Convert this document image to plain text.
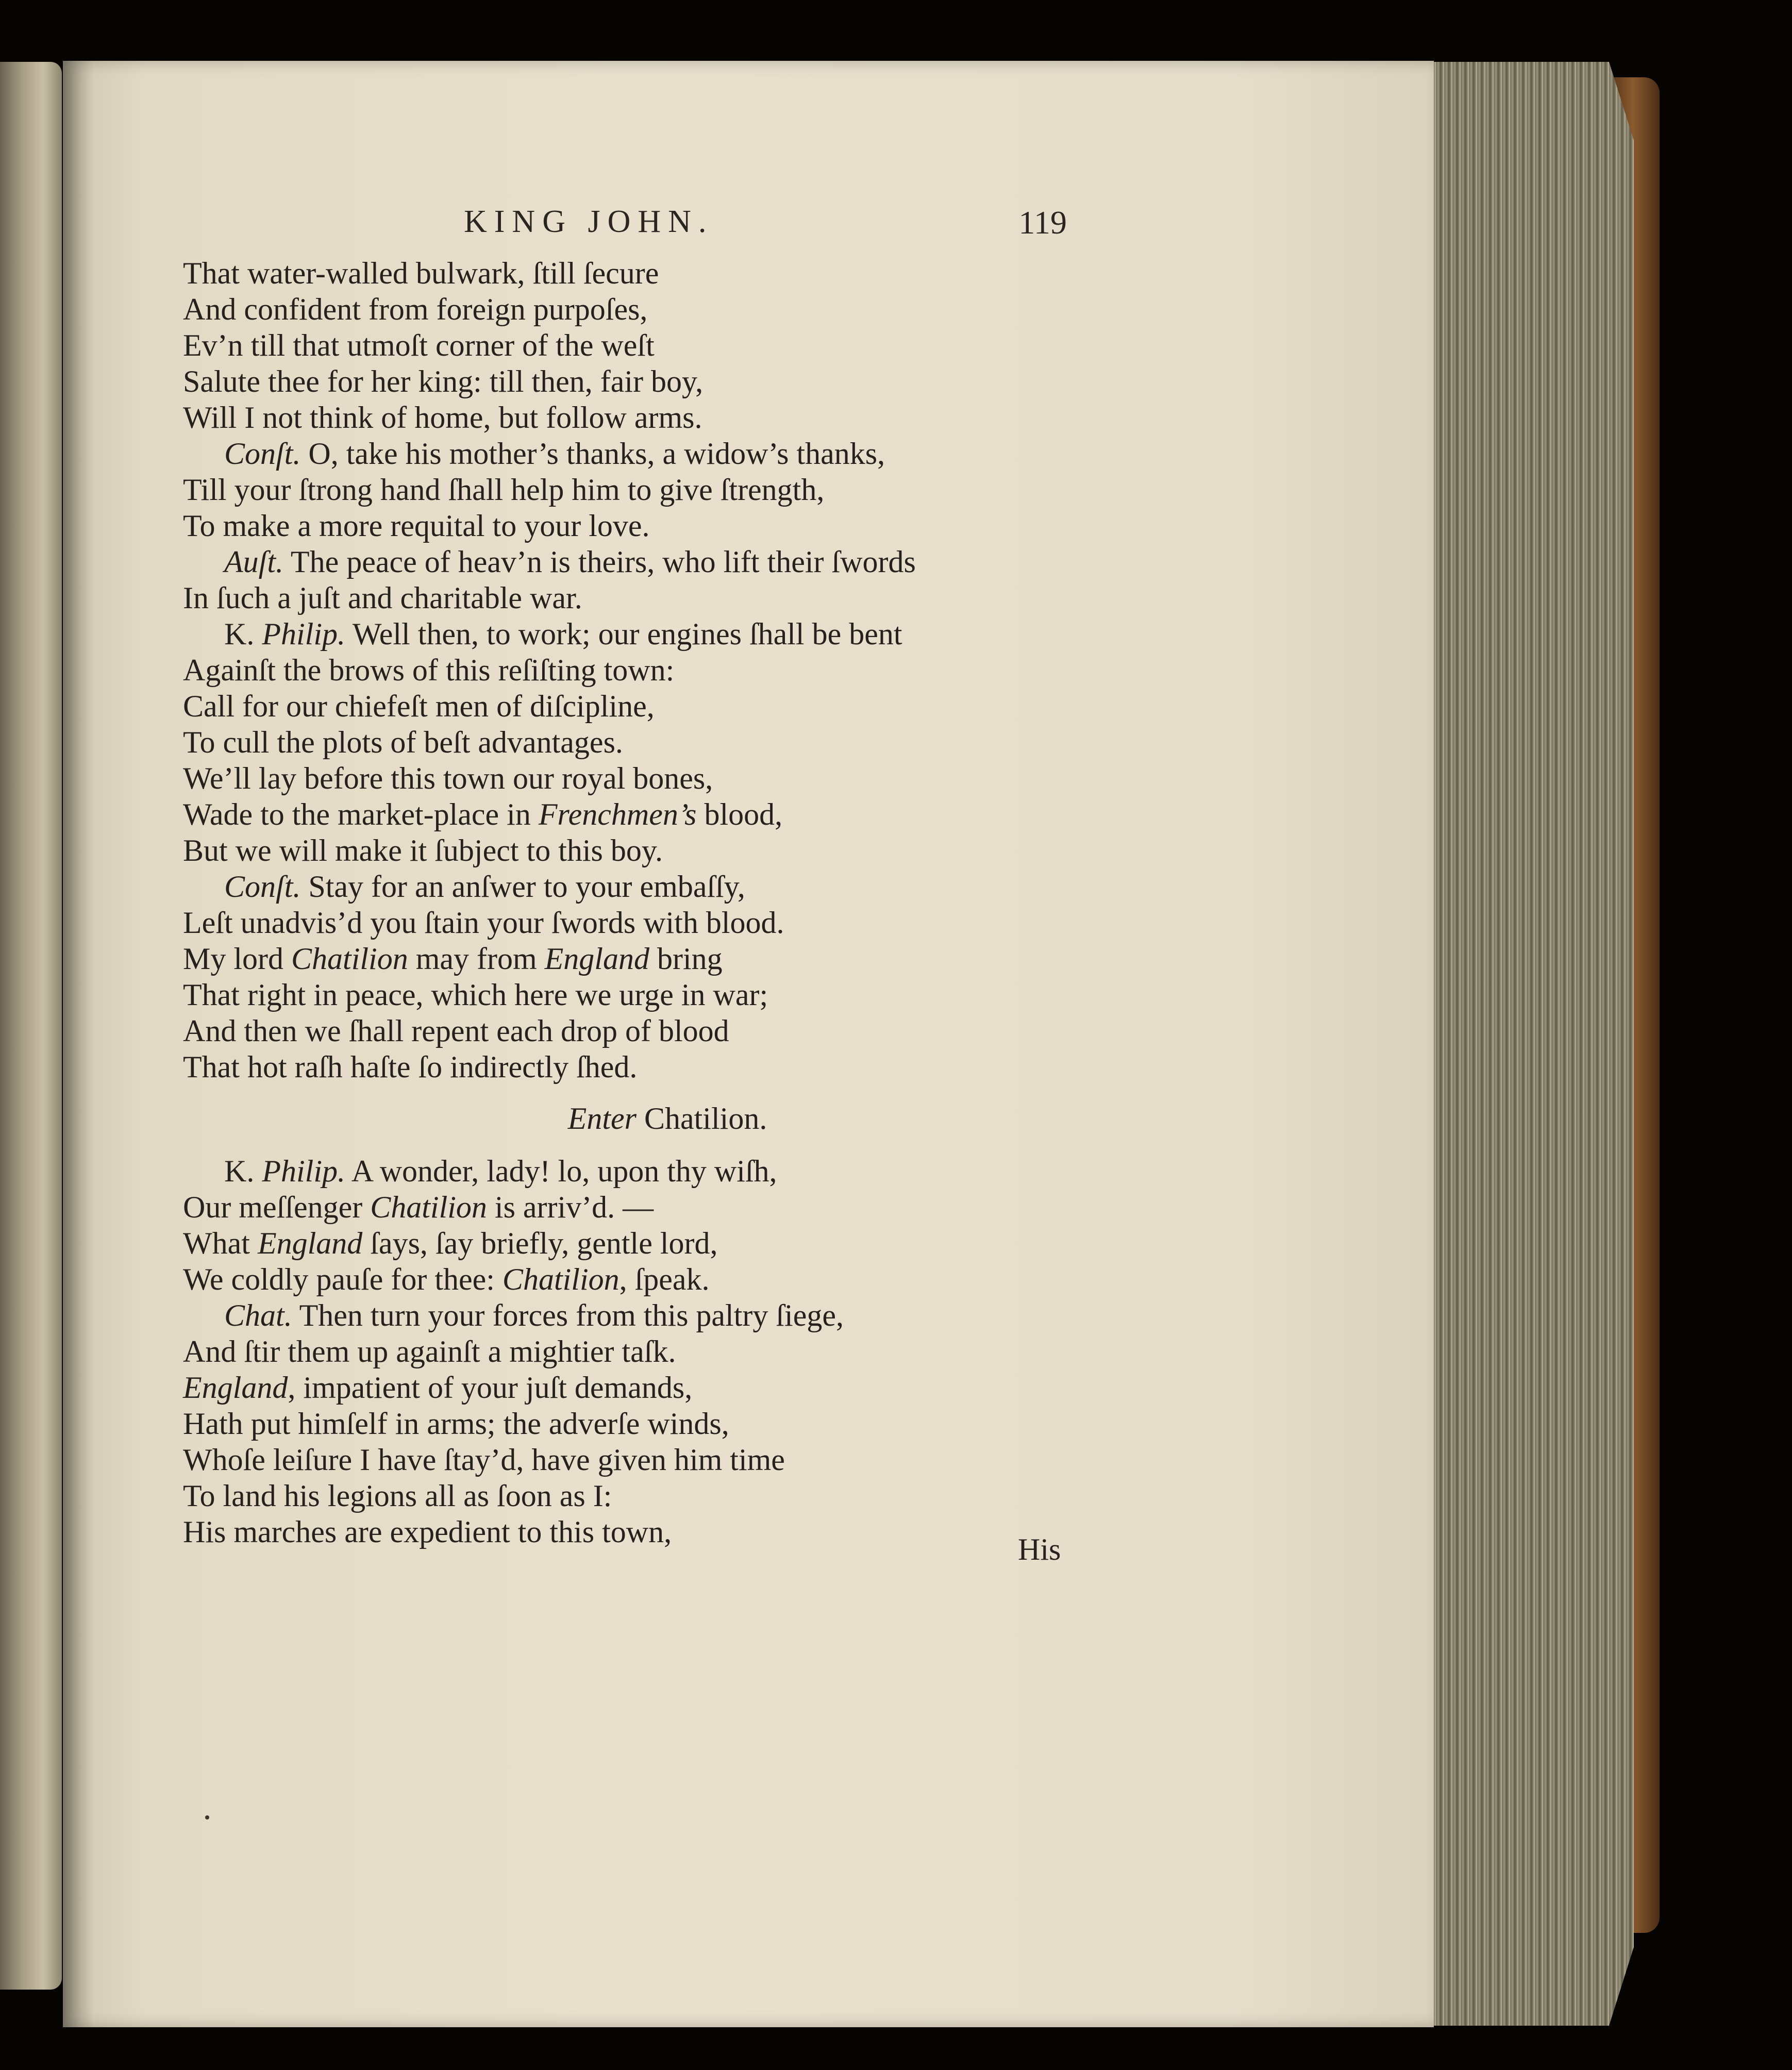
KING JOHN.	119
That water-walled bulwark, ſtill ſecure
And confident from foreign purpoſes,
Ev’n till that utmoſt corner of the weſt
Salute thee for her king: till then, fair boy,
Will I not think of home, but follow arms.
Conſt. O, take his mother’s thanks, a widow’s thanks,
Till your ſtrong hand ſhall help him to give ſtrength,
To make a more requital to your love.
Auſt. The peace of heav’n is theirs, who lift their ſwords
In ſuch a juſt and charitable war.
K. Philip. Well then, to work; our engines ſhall be bent
Againſt the brows of this reſiſting town:
Call for our chiefeſt men of diſcipline,
To cull the plots of beſt advantages.
We’ll lay before this town our royal bones,
Wade to the market-place in Frenchmen’s blood,
But we will make it ſubject to this boy.
Conſt. Stay for an anſwer to your embaſſy,
Leſt unadvis’d you ſtain your ſwords with blood.
My lord Chatilion may from England bring
That right in peace, which here we urge in war;
And then we ſhall repent each drop of blood
That hot raſh haſte ſo indirectly ſhed.
Enter Chatilion.
K. Philip. A wonder, lady! lo, upon thy wiſh,
Our meſſenger Chatilion is arriv’d. —
What England ſays, ſay briefly, gentle lord,
We coldly pauſe for thee: Chatilion, ſpeak.
Chat. Then turn your forces from this paltry ſiege,
And ſtir them up againſt a mightier taſk.
England, impatient of your juſt demands,
Hath put himſelf in arms; the adverſe winds,
Whoſe leiſure I have ſtay’d, have given him time
To land his legions all as ſoon as I:
His marches are expedient to this town,
His
